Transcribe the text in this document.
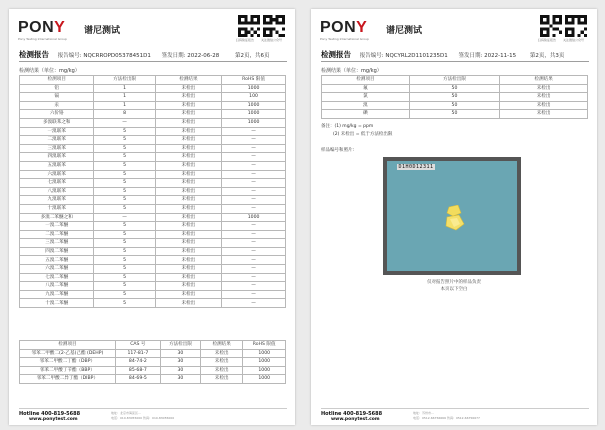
PONY 谱尼测试
Pony Testing International Group	扫码验证报告 关注微信公众号
检测报告 报告编号: NQCRROPD05378451D1 签发日期: 2022-06-28	第2页，共6页
检测结果（单位：mg/kg）
检测项目	方法检出限	检测结果	RoHS 限值
铅	1	未检出	1000
镉	1	未检出	100
汞	1	未检出	1000
六价铬	8	未检出	1000
多溴联苯之和	—	未检出	1000
一溴联苯	5	未检出	—
二溴联苯	5	未检出	—
三溴联苯	5	未检出	—
四溴联苯	5	未检出	—
五溴联苯	5	未检出	—
六溴联苯	5	未检出	—
七溴联苯	5	未检出	—
八溴联苯	5	未检出	—
九溴联苯	5	未检出	—
十溴联苯	5	未检出	—
多溴二苯醚之和	—	未检出	1000
一溴二苯醚	5	未检出	—
二溴二苯醚	5	未检出	—
三溴二苯醚	5	未检出	—
四溴二苯醚	5	未检出	—
五溴二苯醚	5	未检出	—
六溴二苯醚	5	未检出	—
七溴二苯醚	5	未检出	—
八溴二苯醚	5	未检出	—
九溴二苯醚	5	未检出	—
十溴二苯醚	5	未检出	—
检测项目	CAS 号	方法检出限	检测结果	RoHS 限值
邻苯二甲酸二(2-乙基)己酯 (DEHP)	117-81-7	30	未检出	1000
邻苯二甲酸二丁酯（DBP）	84-74-2	30	未检出	1000
邻苯二甲酸丁苄酯（BBP）	85-68-7	30	未检出	1000
邻苯二甲酸二异丁酯（DIBP）	84-69-5	30	未检出	1000
Hotline 400-819-5688
www.ponytest.com
地址：北京市海淀区...
电话：010-83055000 传真：010-83055000
PONY 谱尼测试
Pony Testing International Group	扫码验证报告 关注微信公众号
检测报告 报告编号: NQCYRL2D1101235D1 签发日期: 2022-11-15	第2页，共3页
检测结果（单位：mg/kg）
检测项目	方法检出限	检测结果
氟	50	未检出
氯	50	未检出
溴	50	未检出
碘	50	未检出
备注：(1) mg/kg = ppm
(2) 未检出 = 低于方法检出限
样品编号和照片:
D1H0D12311
仅对报告照片中的样品负责
本页以下空白
Hotline 400-819-5688
www.ponytest.com
地址：苏州市...
电话：0512-66756666 传真：0512-66756677
